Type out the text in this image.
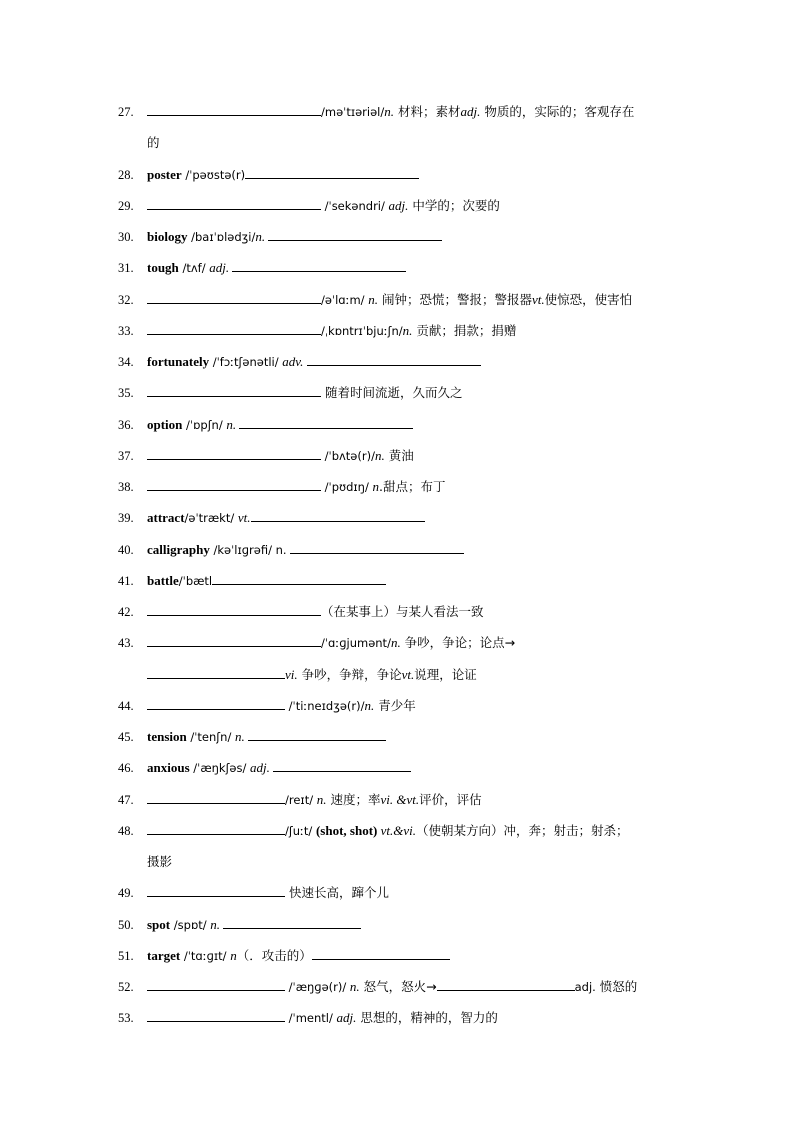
27.	/məˈtɪəriəl/n. 材料；素材adj. 物质的，实际的；客观存在
的
28. poster /ˈpəʊstə(r)
29.	/ˈsekəndri/ adj. 中学的；次要的
30. biology /baɪˈɒlədʒi/n.
31. tough /tʌf/ adj.
32.	/əˈlɑːm/ n. 闹钟；恐慌；警报；警报器vt.使惊恐，使害怕
33.	/ˌkɒntrɪˈbjuːʃn/n. 贡献；捐款；捐赠
34. fortunately /ˈfɔːtʃənətli/ adv.
35.	随着时间流逝，久而久之
36. option /ˈɒpʃn/ n.
37.	/ˈbʌtə(r)/n. 黄油
38.	/ˈpʊdɪŋ/ n.甜点；布丁
39. attract/əˈtrækt/ vt.
40. calligraphy /kəˈlɪɡrəfi/ n.
41. battle/ˈbætl
42.	（在某事上）与某人看法一致
43.	/ˈɑːɡjumənt/n. 争吵，争论；论点→
vi. 争吵，争辩，争论vt.说理，论证
44.	/ˈtiːneɪdʒə(r)/n. 青少年
45. tension /ˈtenʃn/ n.
46. anxious /ˈæŋkʃəs/ adj.
47.	/reɪt/ n. 速度；率vi. &vt.评价，评估
48.	/ʃuːt/ (shot, shot) vt.&vi.（使朝某方向）冲，奔；射击；射杀；
摄影
49.	快速长高，蹿个儿
50. spot /spɒt/ n.
51. target /ˈtɑːɡɪt/ n（．攻击的）
52.	/ˈæŋɡə(r)/ n. 怒气，怒火→	adj. 愤怒的
53.	/ˈmentl/ adj. 思想的，精神的，智力的
